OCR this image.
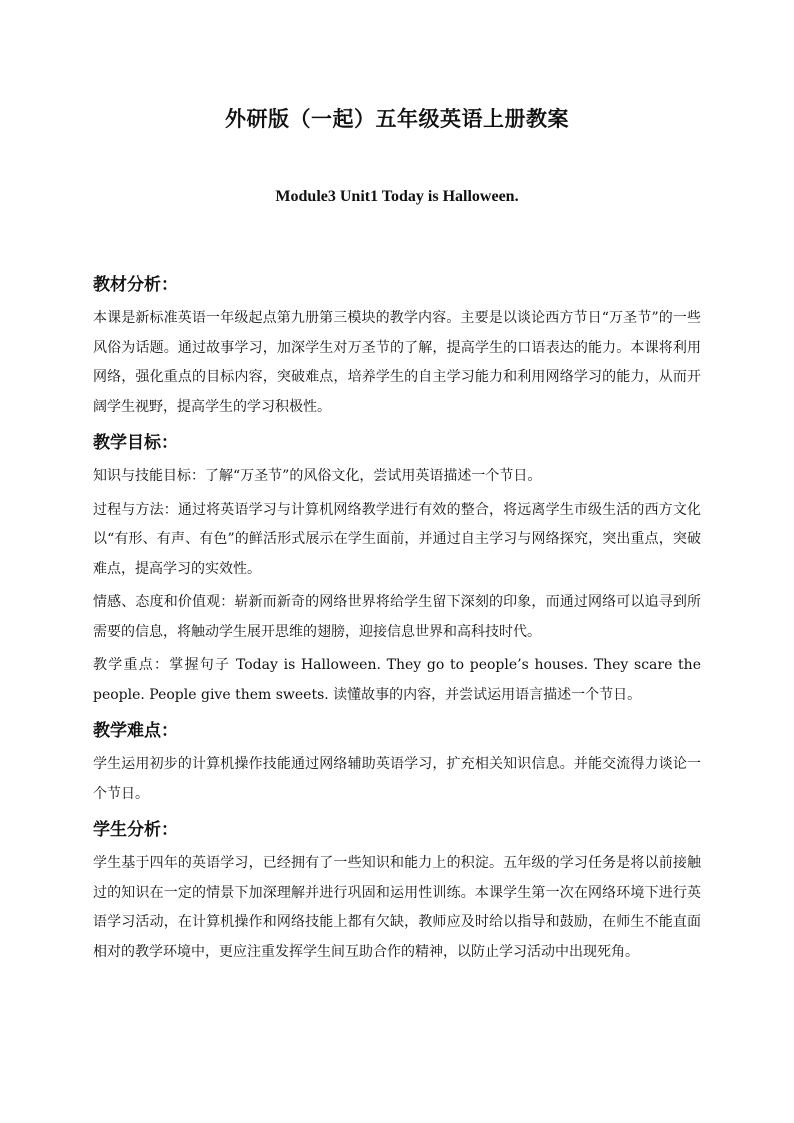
外研版（一起）五年级英语上册教案
Module3 Unit1 Today is Halloween.
教材分析：

本课是新标准英语一年级起点第九册第三模块的教学内容。主要是以谈论西方节日“万圣节”的一些风俗为话题。通过故事学习，加深学生对万圣节的了解，提高学生的口语表达的能力。本课将利用网络，强化重点的目标内容，突破难点，培养学生的自主学习能力和利用网络学习的能力，从而开阔学生视野，提高学生的学习积极性。

教学目标：

知识与技能目标：了解“万圣节”的风俗文化，尝试用英语描述一个节日。

过程与方法：通过将英语学习与计算机网络教学进行有效的整合，将远离学生市级生活的西方文化以“有形、有声、有色”的鲜活形式展示在学生面前，并通过自主学习与网络探究，突出重点，突破难点，提高学习的实效性。

情感、态度和价值观：崭新而新奇的网络世界将给学生留下深刻的印象，而通过网络可以追寻到所需要的信息，将触动学生展开思维的翅膀，迎接信息世界和高科技时代。

教学重点：掌握句子 Today is Halloween. They go to people’s houses. They scare the people. People give them sweets. 读懂故事的内容，并尝试运用语言描述一个节日。

教学难点：

学生运用初步的计算机操作技能通过网络辅助英语学习，扩充相关知识信息。并能交流得力谈论一个节日。

学生分析：

学生基于四年的英语学习，已经拥有了一些知识和能力上的积淀。五年级的学习任务是将以前接触过的知识在一定的情景下加深理解并进行巩固和运用性训练。本课学生第一次在网络环境下进行英语学习活动，在计算机操作和网络技能上都有欠缺，教师应及时给以指导和鼓励，在师生不能直面相对的教学环境中，更应注重发挥学生间互助合作的精神，以防止学习活动中出现死角。
